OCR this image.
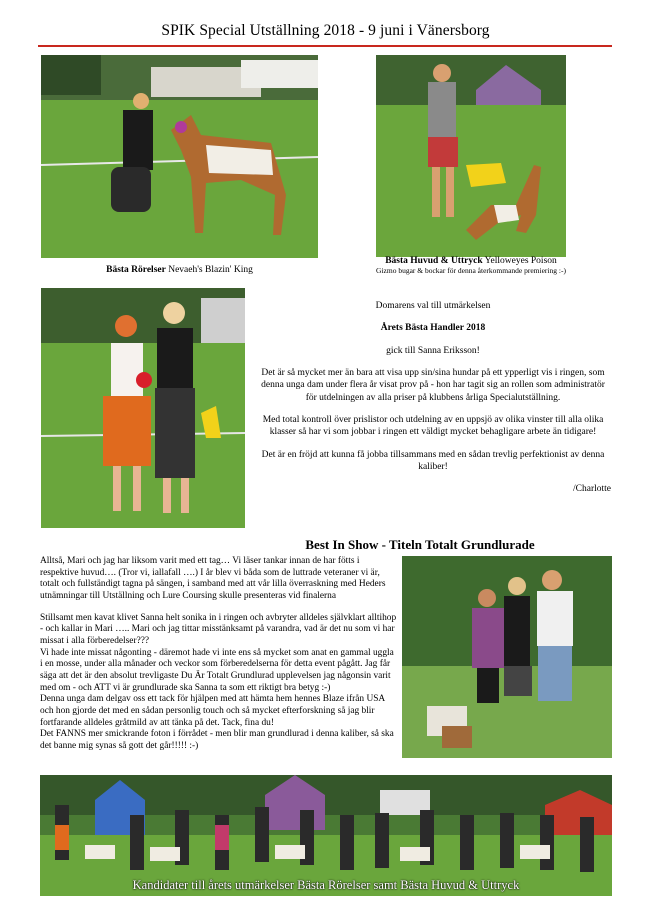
SPIK Special Utställning 2018 - 9 juni i Vänersborg
Bästa Rörelser Nevaeh's Blazin' King
Bästa Huvud & Uttryck Yelloweyes Poison
Gizmo bugar & bockar för denna återkommande premiering :-)

Domarens val till utmärkelsen

Årets Bästa Handler 2018

gick till Sanna Eriksson!

Det är så mycket mer än bara att visa upp sin/sina hundar på ett ypperligt vis i ringen, som denna unga dam under flera år visat prov på - hon har tagit sig an rollen som administratör för utdelningen av alla priser på klubbens årliga Specialutställning.

Med total kontroll över prislistor och utdelning av en uppsjö av olika vinster till alla olika klasser så har vi som jobbar i ringen ett väldigt mycket behagligare arbete än tidigare!

Det är en fröjd att kunna få jobba tillsammans med en sådan trevlig perfektionist av denna kaliber!

/Charlotte

Best In Show - Titeln Totalt Grundlurade

Alltså, Mari och jag har liksom varit med ett tag… Vi läser tankar innan de har fötts i respektive huvud…. (Tror vi, iallafall ….) I år blev vi båda som de luttrade veteraner vi är, totalt och fullständigt tagna på sängen, i samband med att vår lilla överraskning med Heders utnämningar till Utställning och Lure Coursing skulle presenteras vid finalerna

Stillsamt men kavat klivet Sanna helt sonika in i ringen och avbryter alldeles självklart alltihop - och kallar in Mari ….. Mari och jag tittar misstänksamt på varandra, vad är det nu som vi har missat i alla förberedelser???

Vi hade inte missat någonting - däremot hade vi inte ens så mycket som anat en gammal uggla i en mosse, under alla månader och veckor som förberedelserna för detta event pågått. Jag får säga att det är den absolut trevligaste Du Är Totalt Grundlurad upplevelsen jag någonsin varit med om - och ATT vi är grundlurade ska Sanna ta som ett riktigt bra betyg :-)

Denna unga dam delgav oss ett tack för hjälpen med att hämta hem hennes Blaze ifrån USA och hon gjorde det med en sådan personlig touch och så mycket efterforskning så jag blir fortfarande alldeles gråtmild av att tänka på det. Tack, fina du!

Det FANNS mer smickrande foton i förrådet - men blir man grundlurad i denna kaliber, så ska det banne mig synas så gott det går!!!!! :-)

Kandidater till årets utmärkelser Bästa Rörelser samt Bästa Huvud & Uttryck
